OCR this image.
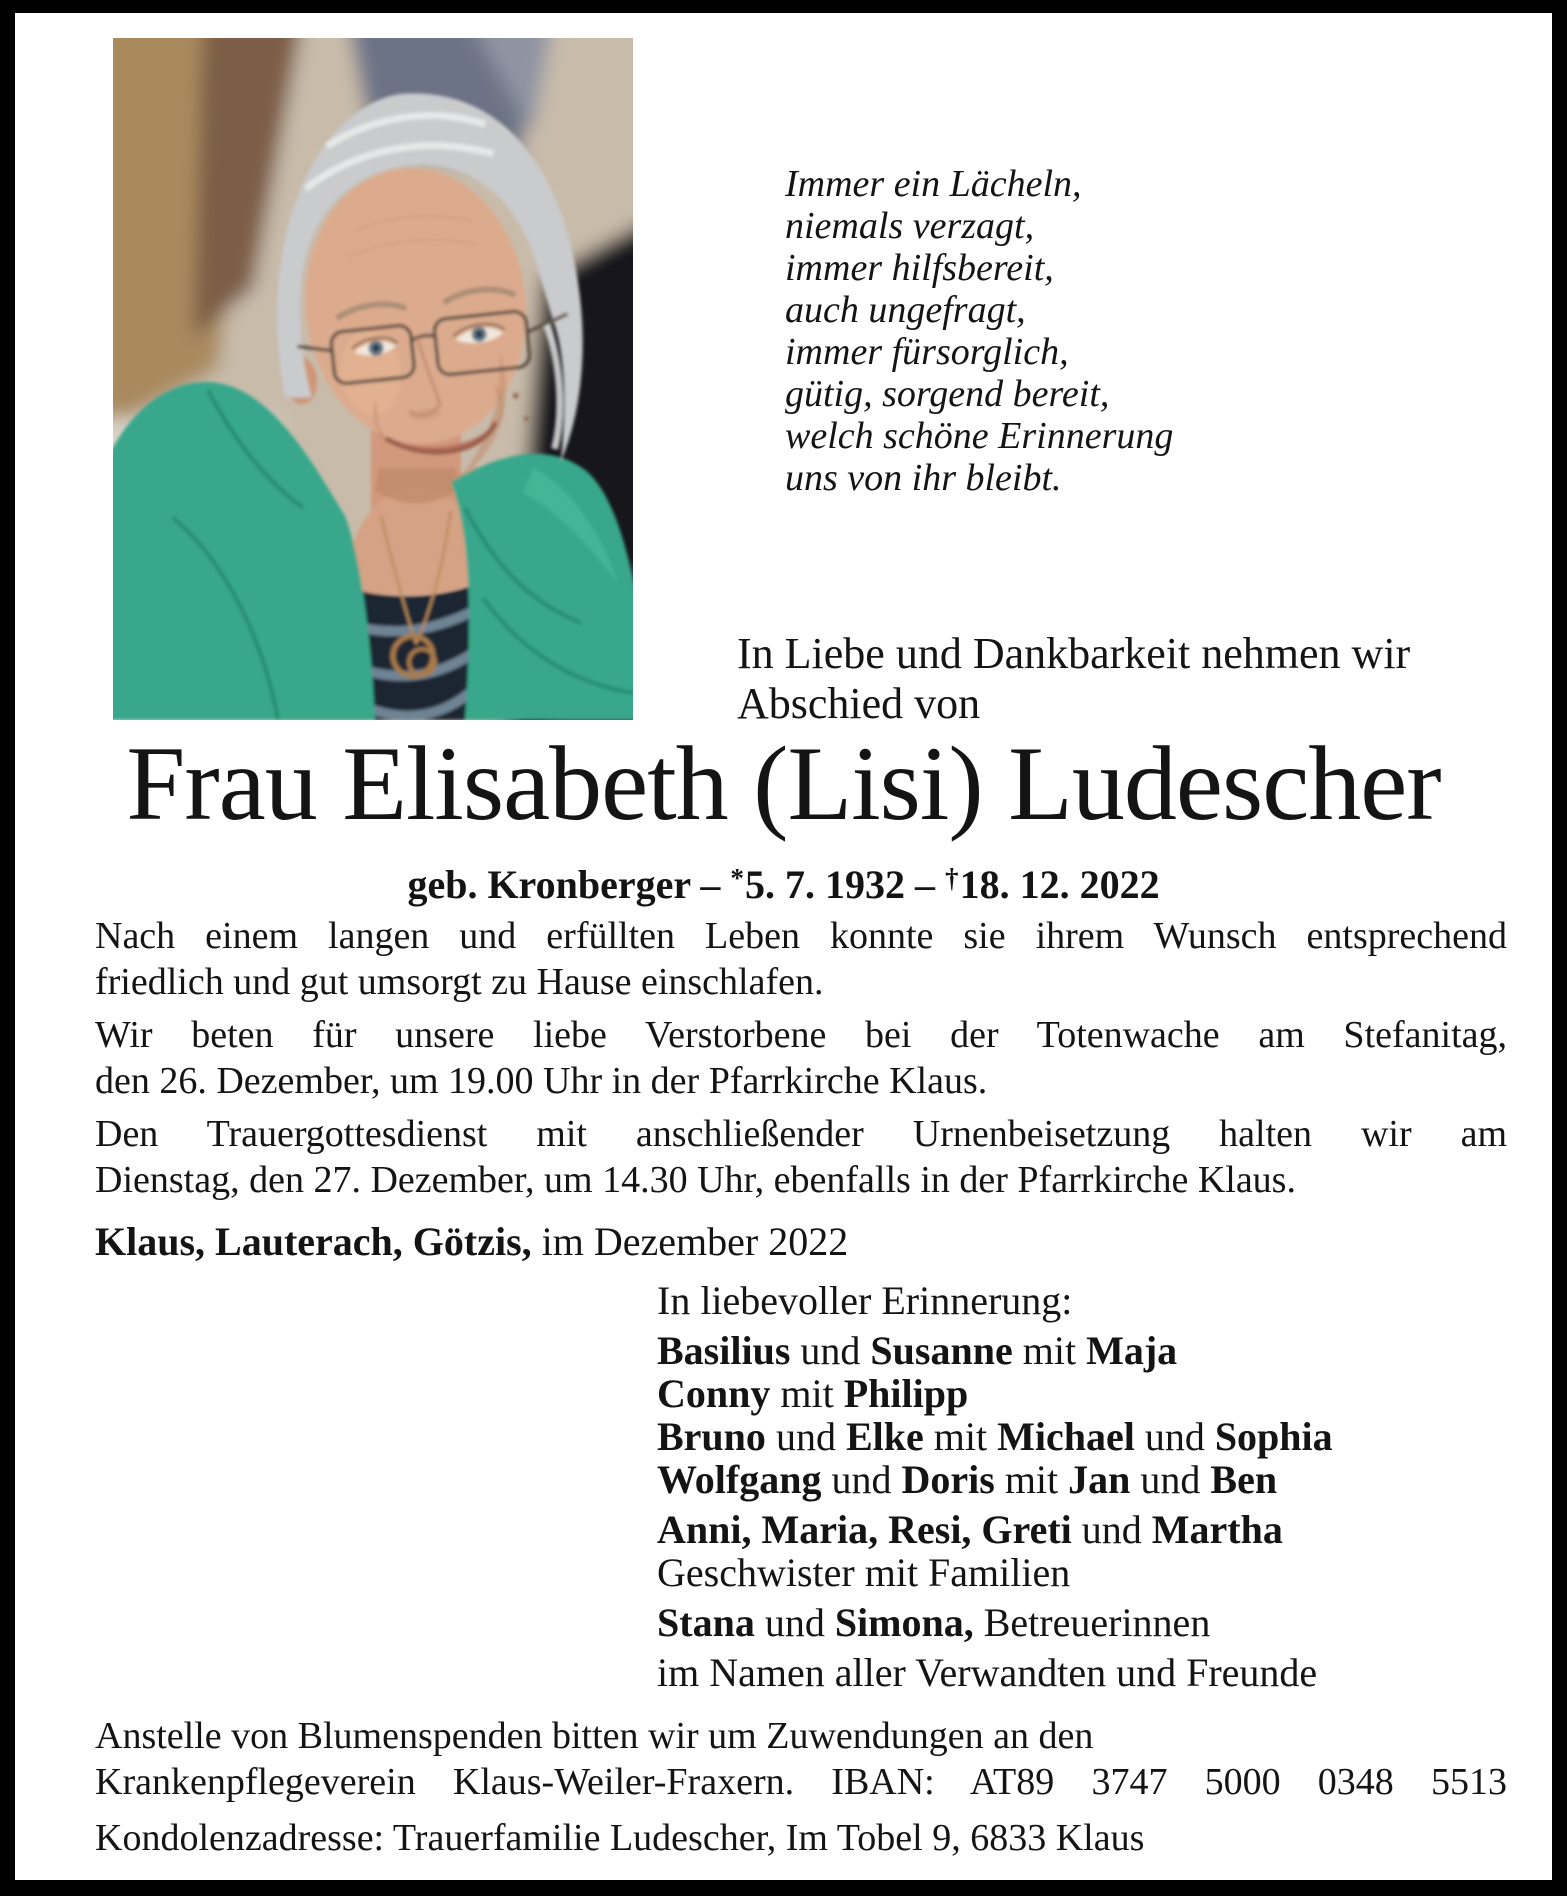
Immer ein Lächeln,
niemals verzagt,
immer hilfsbereit,
auch ungefragt,
immer fürsorglich,
gütig, sorgend bereit,
welch schöne Erinnerung
uns von ihr bleibt.
In Liebe und Dankbarkeit nehmen wir
Abschied von
Frau Elisabeth (Lisi) Ludescher
geb. Kronberger – *5. 7. 1932 – †18. 12. 2022
Nach einem langen und erfüllten Leben konnte sie ihrem Wunsch entsprechend
friedlich und gut umsorgt zu Hause einschlafen.
Wir beten für unsere liebe Verstorbene bei der Totenwache am Stefanitag,
den 26. Dezember, um 19.00 Uhr in der Pfarrkirche Klaus.
Den Trauergottesdienst mit anschließender Urnenbeisetzung halten wir am
Dienstag, den 27. Dezember, um 14.30 Uhr, ebenfalls in der Pfarrkirche Klaus.
Klaus, Lauterach, Götzis, im Dezember 2022
In liebevoller Erinnerung:
Basilius und Susanne mit Maja
Conny mit Philipp
Bruno und Elke mit Michael und Sophia
Wolfgang und Doris mit Jan und Ben
Anni, Maria, Resi, Greti und Martha
Geschwister mit Familien
Stana und Simona, Betreuerinnen
im Namen aller Verwandten und Freunde
Anstelle von Blumenspenden bitten wir um Zuwendungen an den
Krankenpflegeverein Klaus-Weiler-Fraxern. IBAN: AT89 3747 5000 0348 5513
Kondolenzadresse: Trauerfamilie Ludescher, Im Tobel 9, 6833 Klaus
